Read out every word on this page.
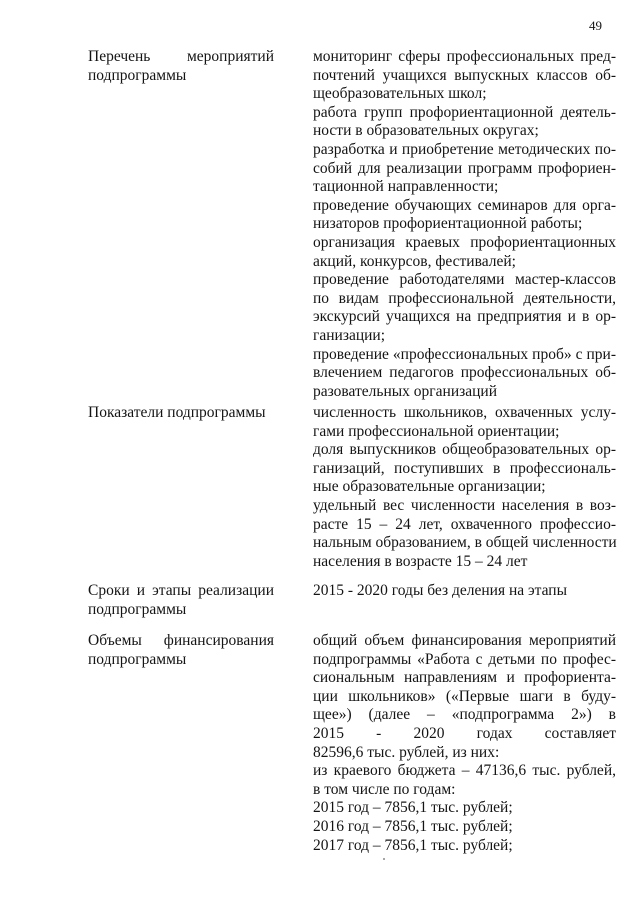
49
Перечень мероприятий
подпрограммы
мониторинг сферы профессиональных пред-
почтений учащихся выпускных классов об-
щеобразовательных школ;
работа групп профориентационной деятель-
ности в образовательных округах;
разработка и приобретение методических по-
собий для реализации программ профориен-
тационной направленности;
проведение обучающих семинаров для орга-
низаторов профориентационной работы;
организация краевых профориентационных
акций, конкурсов, фестивалей;
проведение работодателями мастер-классов
по видам профессиональной деятельности,
экскурсий учащихся на предприятия и в ор-
ганизации;
проведение «профессиональных проб» с при-
влечением педагогов профессиональных об-
разовательных организаций
Показатели подпрограммы	численность школьников, охваченных услу-
гами профессиональной ориентации;
доля выпускников общеобразовательных ор-
ганизаций, поступивших в профессиональ-
ные образовательные организации;
удельный вес численности населения в воз-
расте 15 – 24 лет, охваченного профессио-
нальным образованием, в общей численности
населения в возрасте 15 – 24 лет
Сроки и этапы реализации
подпрограммы
2015 - 2020 годы без деления на этапы
Объемы финансирования
подпрограммы
общий объем финансирования мероприятий
подпрограммы «Работа с детьми по профес-
сиональным направлениям и профориента-
ции школьников» («Первые шаги в буду-
щее») (далее – «подпрограмма 2») в
2015 - 2020 годах составляет
82596,6 тыс. рублей, из них:
из краевого бюджета – 47136,6 тыс. рублей,
в том числе по годам:
2015 год – 7856,1 тыс. рублей;
2016 год – 7856,1 тыс. рублей;
2017 год – 7856,1 тыс. рублей;
